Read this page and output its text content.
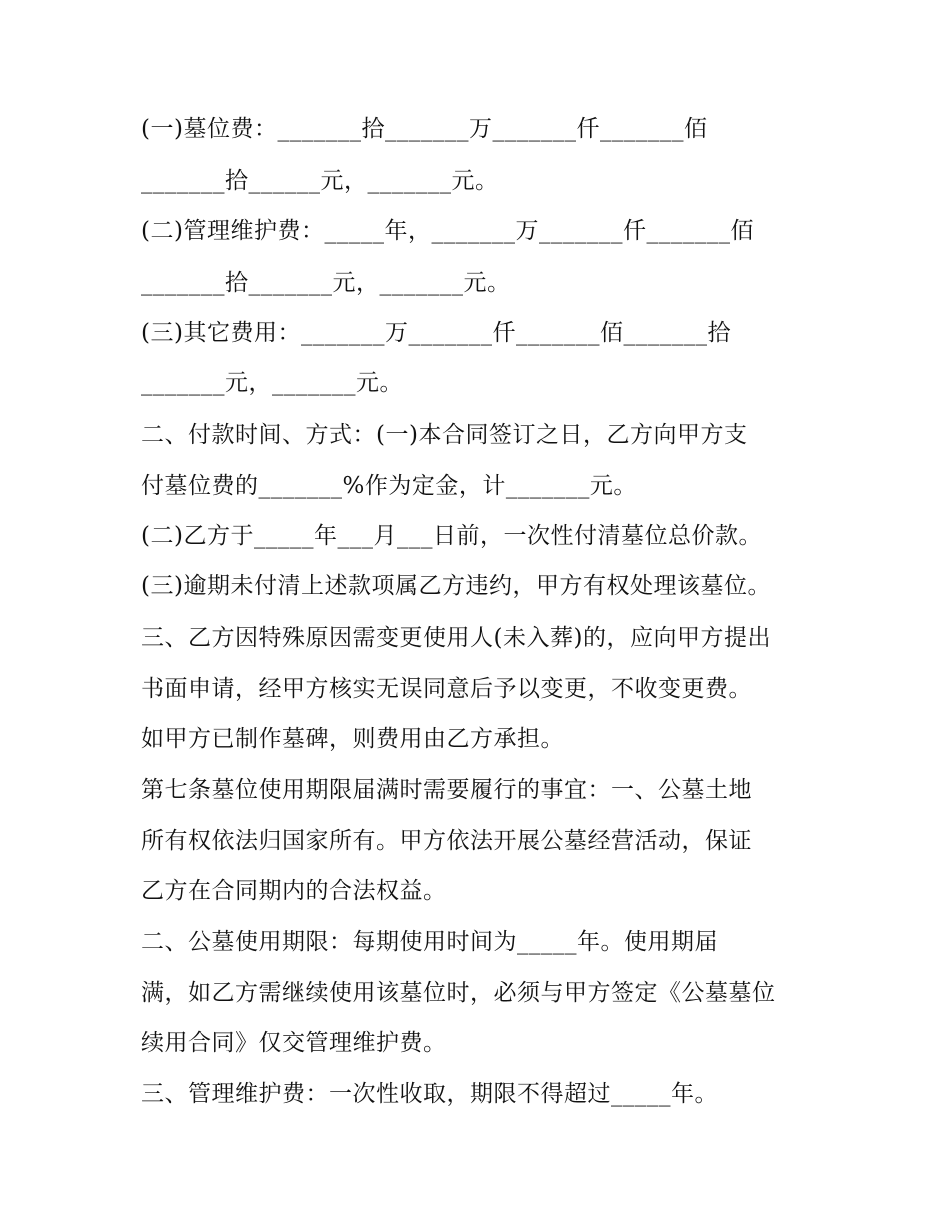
(一)墓位费：_______拾_______万_______仟_______佰
_______拾______元，_______元。
(二)管理维护费：_____年，_______万_______仟_______佰
_______拾_______元，_______元。
(三)其它费用：_______万_______仟_______佰_______拾
_______元，_______元。
二、付款时间、方式：(一)本合同签订之日，乙方向甲方支
付墓位费的_______%作为定金，计_______元。
(二)乙方于_____年___月___日前，一次性付清墓位总价款。
(三)逾期未付清上述款项属乙方违约，甲方有权处理该墓位。
三、乙方因特殊原因需变更使用人(未入葬)的，应向甲方提出
书面申请，经甲方核实无误同意后予以变更，不收变更费。
如甲方已制作墓碑，则费用由乙方承担。
第七条墓位使用期限届满时需要履行的事宜：一、公墓土地
所有权依法归国家所有。甲方依法开展公墓经营活动，保证
乙方在合同期内的合法权益。
二、公墓使用期限：每期使用时间为_____年。使用期届
满，如乙方需继续使用该墓位时，必须与甲方签定《公墓墓位
续用合同》仅交管理维护费。
三、管理维护费：一次性收取，期限不得超过_____年。
